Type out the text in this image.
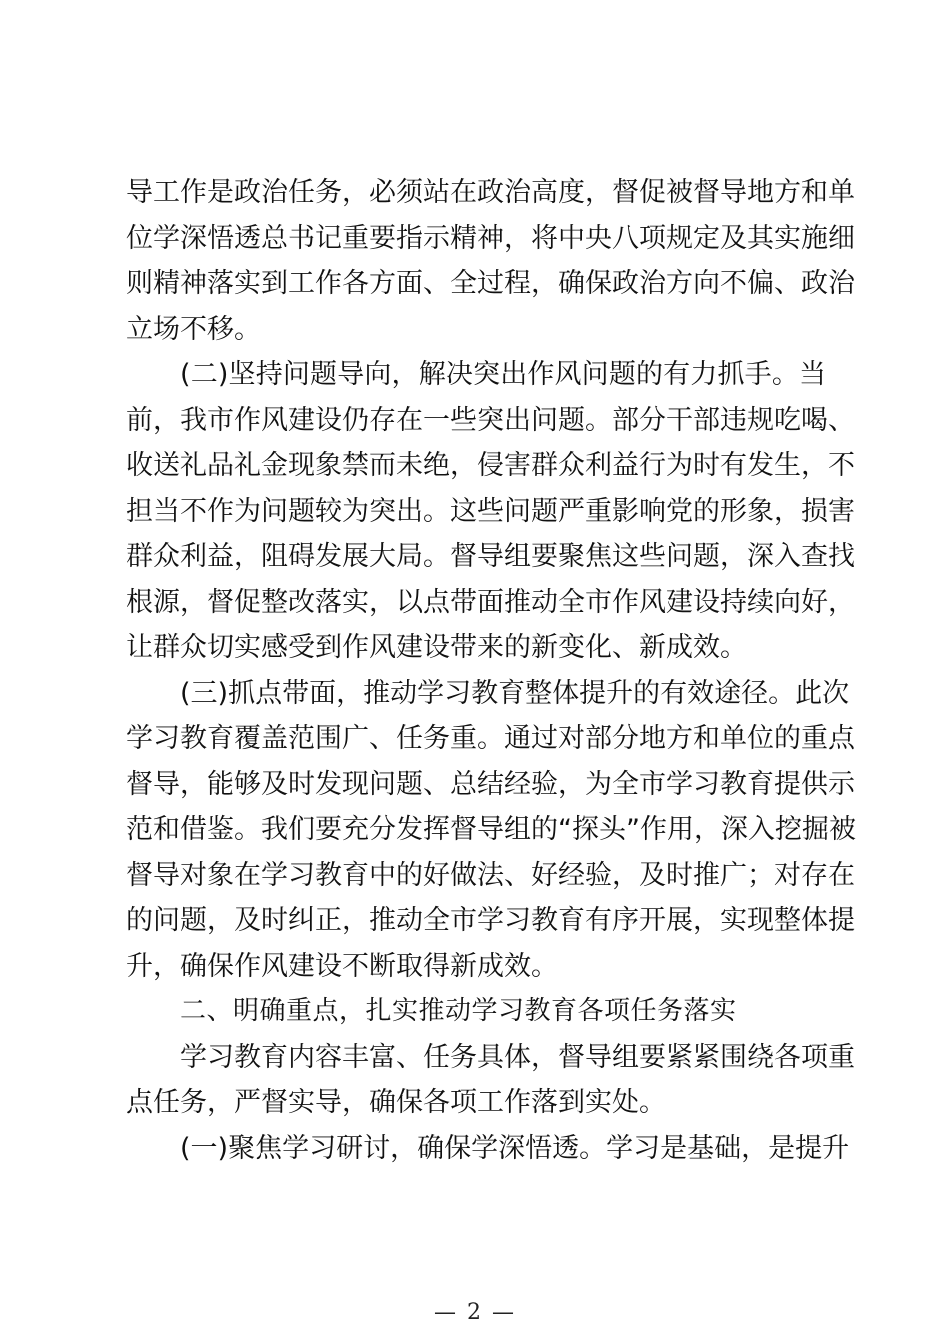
导工作是政治任务，必须站在政治高度，督促被督导地方和单
位学深悟透总书记重要指示精神，将中央八项规定及其实施细
则精神落实到工作各方面、全过程，确保政治方向不偏、政治
立场不移。
(二)坚持问题导向，解决突出作风问题的有力抓手。当
前，我市作风建设仍存在一些突出问题。部分干部违规吃喝、
收送礼品礼金现象禁而未绝，侵害群众利益行为时有发生，不
担当不作为问题较为突出。这些问题严重影响党的形象，损害
群众利益，阻碍发展大局。督导组要聚焦这些问题，深入查找
根源，督促整改落实，以点带面推动全市作风建设持续向好，
让群众切实感受到作风建设带来的新变化、新成效。
(三)抓点带面，推动学习教育整体提升的有效途径。此次
学习教育覆盖范围广、任务重。通过对部分地方和单位的重点
督导，能够及时发现问题、总结经验，为全市学习教育提供示
范和借鉴。我们要充分发挥督导组的“探头”作用，深入挖掘被
督导对象在学习教育中的好做法、好经验，及时推广；对存在
的问题，及时纠正，推动全市学习教育有序开展，实现整体提
升，确保作风建设不断取得新成效。
二、明确重点，扎实推动学习教育各项任务落实
学习教育内容丰富、任务具体，督导组要紧紧围绕各项重
点任务，严督实导，确保各项工作落到实处。
(一)聚焦学习研讨，确保学深悟透。学习是基础，是提升
— 2 —
